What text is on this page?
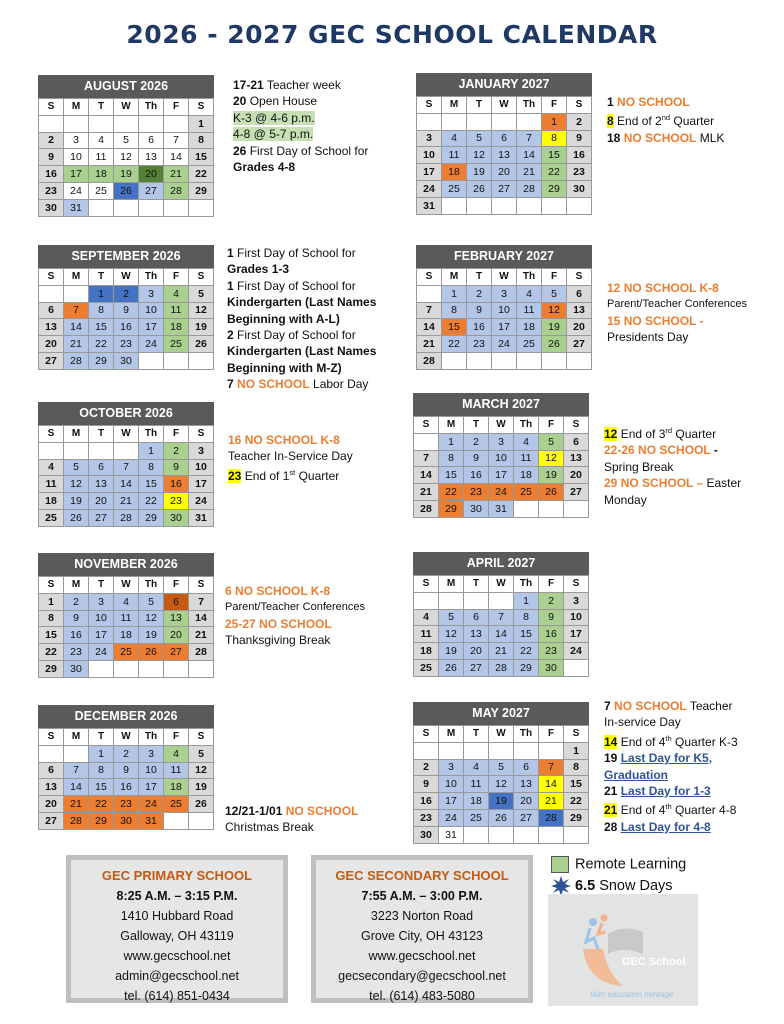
2026 - 2027 GEC SCHOOL CALENDAR
AUGUST 2026
S	M	T	W	Th	F	S
						1
2	3	4	5	6	7	8
9	10	11	12	13	14	15
16	17	18	19	20	21	22
23	24	25	26	27	28	29
30	31					
SEPTEMBER 2026
S	M	T	W	Th	F	S
		1	2	3	4	5
6	7	8	9	10	11	12
13	14	15	16	17	18	19
20	21	22	23	24	25	26
27	28	29	30			
OCTOBER 2026
S	M	T	W	Th	F	S
				1	2	3
4	5	6	7	8	9	10
11	12	13	14	15	16	17
18	19	20	21	22	23	24
25	26	27	28	29	30	31
NOVEMBER 2026
S	M	T	W	Th	F	S
1	2	3	4	5	6	7
8	9	10	11	12	13	14
15	16	17	18	19	20	21
22	23	24	25	26	27	28
29	30					
DECEMBER 2026
S	M	T	W	Th	F	S
		1	2	3	4	5
6	7	8	9	10	11	12
13	14	15	16	17	18	19
20	21	22	23	24	25	26
27	28	29	30	31		
JANUARY 2027
S	M	T	W	Th	F	S
					1	2
3	4	5	6	7	8	9
10	11	12	13	14	15	16
17	18	19	20	21	22	23
24	25	26	27	28	29	30
31						
FEBRUARY 2027
S	M	T	W	Th	F	S
	1	2	3	4	5	6
7	8	9	10	11	12	13
14	15	16	17	18	19	20
21	22	23	24	25	26	27
28						
MARCH 2027
S	M	T	W	Th	F	S
	1	2	3	4	5	6
7	8	9	10	11	12	13
14	15	16	17	18	19	20
21	22	23	24	25	26	27
28	29	30	31			
APRIL 2027
S	M	T	W	Th	F	S
				1	2	3
4	5	6	7	8	9	10
11	12	13	14	15	16	17
18	19	20	21	22	23	24
25	26	27	28	29	30	
MAY 2027
S	M	T	W	Th	F	S
						1
2	3	4	5	6	7	8
9	10	11	12	13	14	15
16	17	18	19	20	21	22
23	24	25	26	27	28	29
30	31					
17-21 Teacher week
20 Open House
K-3 @ 4-6 p.m.
4-8 @ 5-7 p.m.
26 First Day of School for
Grades 4-8
1 First Day of School for
Grades 1-3
1 First Day of School for
Kindergarten (Last Names
Beginning with A-L)
2 First Day of School for
Kindergarten (Last Names
Beginning with M-Z)
7 NO SCHOOL Labor Day
16 NO SCHOOL K-8
Teacher In-Service Day
23 End of 1st Quarter
6 NO SCHOOL K-8
Parent/Teacher Conferences
25-27 NO SCHOOL
Thanksgiving Break
12/21-1/01 NO SCHOOL
Christmas Break
1 NO SCHOOL
8 End of 2nd Quarter
18 NO SCHOOL MLK
12 NO SCHOOL K-8
Parent/Teacher Conferences
15 NO SCHOOL -
Presidents Day
12 End of 3rd Quarter
22-26 NO SCHOOL -
Spring Break
29 NO SCHOOL – Easter
Monday
7 NO SCHOOL Teacher
In-service Day
14 End of 4th Quarter K-3
19 Last Day for K5,
Graduation
21 Last Day for 1-3
21 End of 4th Quarter 4-8
28 Last Day for 4-8
GEC PRIMARY SCHOOL
8:25 A.M. – 3:15 P.M.
1410 Hubbard Road
Galloway, OH 43119
www.gecschool.net
admin@gecschool.net
tel. (614) 851-0434
GEC SECONDARY SCHOOL
7:55 A.M. – 3:00 P.M.
3223 Norton Road
Grove City, OH 43123
www.gecschool.net
gecsecondary@gecschool.net
tel. (614) 483-5080
Remote Learning
6.5 Snow Days
GEC School
faith education heritage
